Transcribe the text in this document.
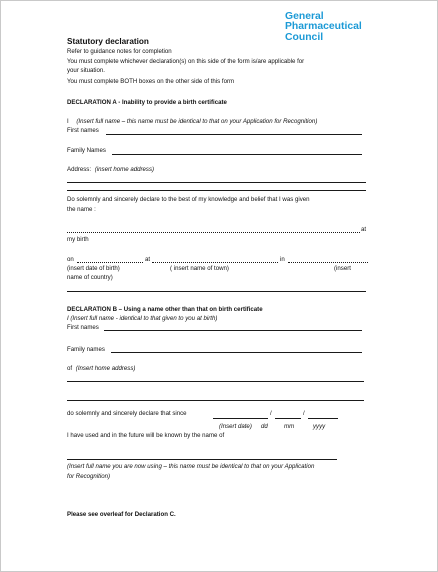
General
Pharmaceutical
Council
Statutory declaration
Refer to guidance notes for completion
You must complete whichever declaration(s) on this side of the form is/are applicable for
your situation.
You must complete BOTH boxes on the other side of this form
DECLARATION A - Inability to provide a birth certificate
I (Insert full name – this name must be identical to that on your Application for Recognition)
First names
Family Names
Address: (insert home address)
Do solemnly and sincerely declare to the best of my knowledge and belief that I was given
the name :
at
my birth
on	at	in
(insert date of birth)	( insert name of town)	(insert
name of country)
DECLARATION B – Using a name other than that on birth certificate
I (Insert full name - identical to that given to you at birth)
First names
Family names
of (Insert home address)
do solemnly and sincerely declare that since	/	/
(Insert date) dd	mm	yyyy
I have used and in the future will be known by the name of
(Insert full name you are now using – this name must be identical to that on your Application
for Recognition)
Please see overleaf for Declaration C.
